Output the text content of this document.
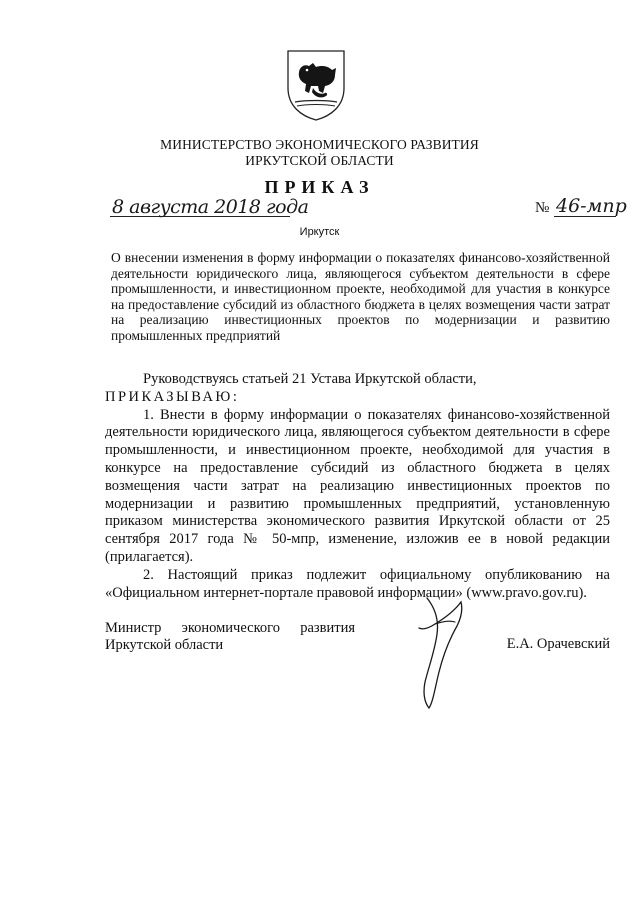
МИНИСТЕРСТВО ЭКОНОМИЧЕСКОГО РАЗВИТИЯ
ИРКУТСКОЙ ОБЛАСТИ
ПРИКАЗ
8 августа 2018 года	№ 46-мпр
Иркутск

О внесении изменения в форму информации о показателях финансово-хозяйственной деятельности юридического лица, являющегося субъектом деятельности в сфере промышленности, и инвестиционном проекте, необходимой для участия в конкурсе на предоставление субсидий из областного бюджета в целях возмещения части затрат на реализацию инвестиционных проектов по модернизации и развитию промышленных предприятий

Руководствуясь статьей 21 Устава Иркутской области,

ПРИКАЗЫВАЮ:

1. Внести в форму информации о показателях финансово-хозяйственной деятельности юридического лица, являющегося субъектом деятельности в сфере промышленности, и инвестиционном проекте, необходимой для участия в конкурсе на предоставление субсидий из областного бюджета в целях возмещения части затрат на реализацию инвестиционных проектов по модернизации и развитию промышленных предприятий, установленную приказом министерства экономического развития Иркутской области от 25 сентября 2017 года № 50-мпр, изменение, изложив ее в новой редакции (прилагается).

2. Настоящий приказ подлежит официальному опубликованию на «Официальном интернет-портале правовой информации» (www.pravo.gov.ru).

Министр экономического развития

Иркутской области	Е.А. Орачевский
